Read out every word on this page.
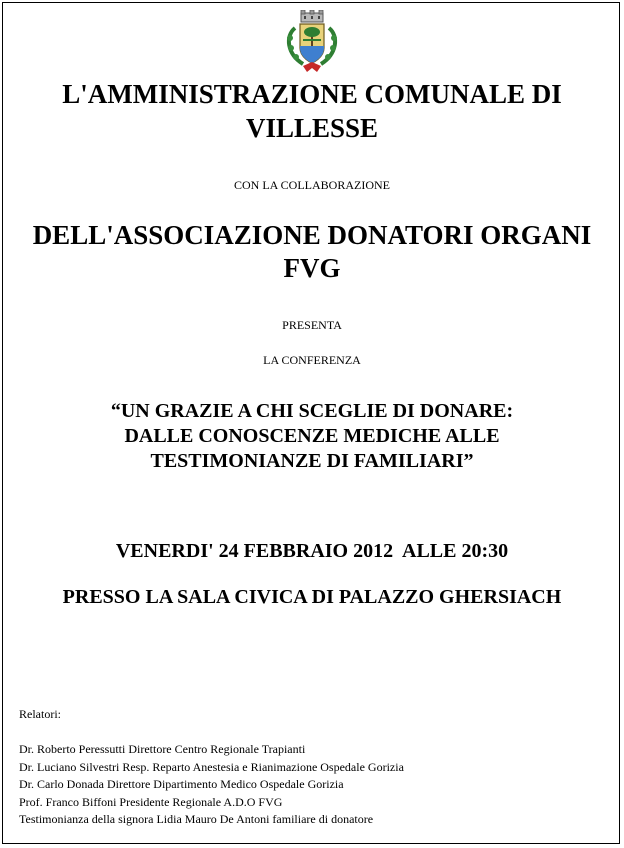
L'AMMINISTRAZIONE COMUNALE DI
VILLESSE
CON LA COLLABORAZIONE
DELL'ASSOCIAZIONE DONATORI ORGANI
FVG
PRESENTA
LA CONFERENZA
“UN GRAZIE A CHI SCEGLIE DI DONARE:
DALLE CONOSCENZE MEDICHE ALLE
TESTIMONIANZE DI FAMILIARI”
VENERDI' 24 FEBBRAIO 2012  ALLE 20:30
PRESSO LA SALA CIVICA DI PALAZZO GHERSIACH
Relatori:
Dr. Roberto Peressutti Direttore Centro Regionale Trapianti
Dr. Luciano Silvestri Resp. Reparto Anestesia e Rianimazione Ospedale Gorizia
Dr. Carlo Donada Direttore Dipartimento Medico Ospedale Gorizia
Prof. Franco Biffoni Presidente Regionale A.D.O FVG
Testimonianza della signora Lidia Mauro De Antoni familiare di donatore
